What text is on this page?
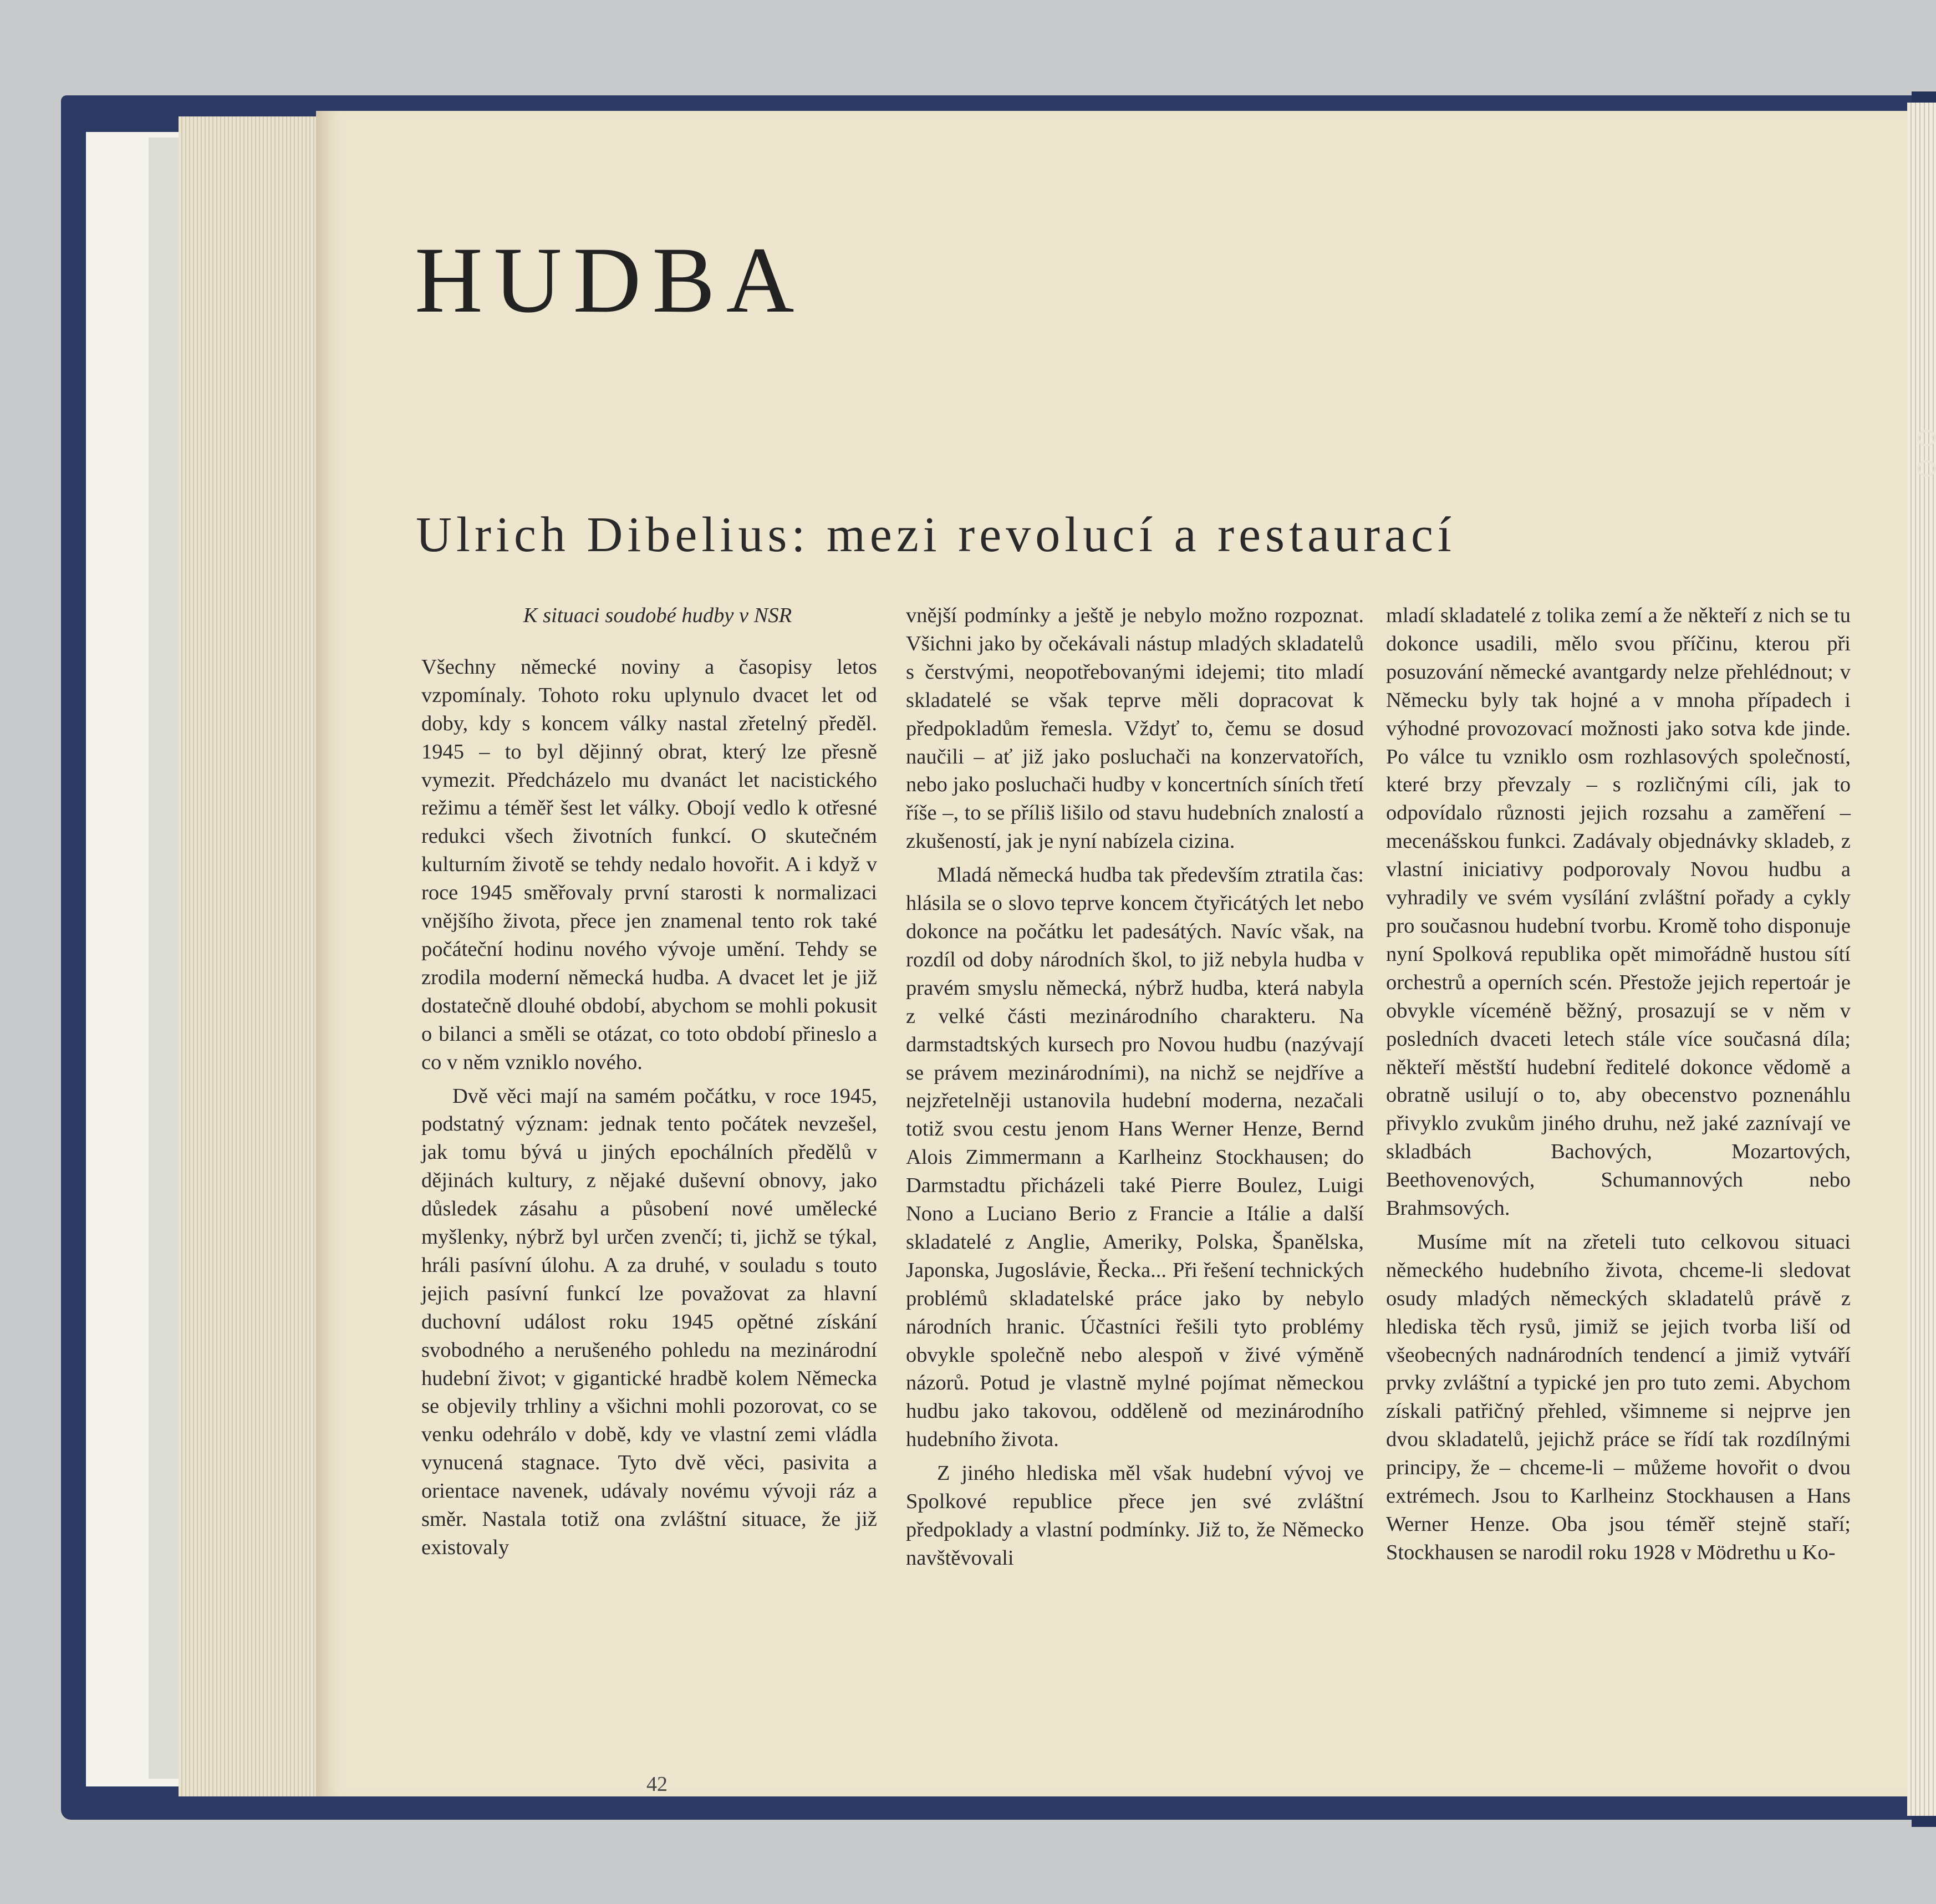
HUDBA
Ulrich Dibelius: mezi revolucí a restaurací

K situaci soudobé hudby v NSR

Všechny německé noviny a časopisy letos vzpomínaly. Tohoto roku uplynulo dvacet let od doby, kdy s koncem války nastal zřetelný předěl. 1945 – to byl dějinný obrat, který lze přesně vymezit. Předcházelo mu dvanáct let nacistického režimu a téměř šest let války. Obojí vedlo k otřesné redukci všech životních funkcí. O skutečném kulturním životě se tehdy nedalo hovořit. A i když v roce 1945 směřovaly první starosti k normalizaci vnějšího života, přece jen znamenal tento rok také počáteční hodinu nového vývoje umění. Tehdy se zrodila moderní německá hudba. A dvacet let je již dostatečně dlouhé období, abychom se mohli pokusit o bilanci a směli se otázat, co toto období přineslo a co v něm vzniklo nového.

Dvě věci mají na samém počátku, v roce 1945, podstatný význam: jednak tento počátek nevzešel, jak tomu bývá u jiných epochálních předělů v dějinách kultury, z nějaké duševní obnovy, jako důsledek zásahu a působení nové umělecké myšlenky, nýbrž byl určen zvenčí; ti, jichž se týkal, hráli pasívní úlohu. A za druhé, v souladu s touto jejich pasívní funkcí lze považovat za hlavní duchovní událost roku 1945 opětné získání svobodného a nerušeného pohledu na mezinárodní hudební život; v gigantické hradbě kolem Německa se objevily trhliny a všichni mohli pozorovat, co se venku odehrálo v době, kdy ve vlastní zemi vládla vynucená stagnace. Tyto dvě věci, pasivita a orientace navenek, udávaly novému vývoji ráz a směr. Nastala totiž ona zvláštní situace, že již existovaly

vnější podmínky a ještě je nebylo možno rozpoznat. Všichni jako by očekávali nástup mladých skladatelů s čerstvými, neopotřebovanými idejemi; tito mladí skladatelé se však teprve měli dopracovat k předpokladům řemesla. Vždyť to, čemu se dosud naučili – ať již jako posluchači na konzervatořích, nebo jako posluchači hudby v koncertních síních třetí říše –, to se příliš lišilo od stavu hudebních znalostí a zkušeností, jak je nyní nabízela cizina.

Mladá německá hudba tak především ztratila čas: hlásila se o slovo teprve koncem čtyřicátých let nebo dokonce na počátku let padesátých. Navíc však, na rozdíl od doby národních škol, to již nebyla hudba v pravém smyslu německá, nýbrž hudba, která nabyla z velké části mezinárodního charakteru. Na darmstadtských kursech pro Novou hudbu (nazývají se právem mezinárodními), na nichž se nejdříve a nejzřetelněji ustanovila hudební moderna, nezačali totiž svou cestu jenom Hans Werner Henze, Bernd Alois Zimmermann a Karlheinz Stockhausen; do Darmstadtu přicházeli také Pierre Boulez, Luigi Nono a Luciano Berio z Francie a Itálie a další skladatelé z Anglie, Ameriky, Polska, Španělska, Japonska, Jugoslávie, Řecka... Při řešení technických problémů skladatelské práce jako by nebylo národních hranic. Účastníci řešili tyto problémy obvykle společně nebo alespoň v živé výměně názorů. Potud je vlastně mylné pojímat německou hudbu jako takovou, odděleně od mezinárodního hudebního života.

Z jiného hlediska měl však hudební vývoj ve Spolkové republice přece jen své zvláštní předpoklady a vlastní podmínky. Již to, že Německo navštěvovali

mladí skladatelé z tolika zemí a že někteří z nich se tu dokonce usadili, mělo svou příčinu, kterou při posuzování německé avantgardy nelze přehlédnout; v Německu byly tak hojné a v mnoha případech i výhodné provozovací možnosti jako sotva kde jinde. Po válce tu vzniklo osm rozhlasových společností, které brzy převzaly – s rozličnými cíli, jak to odpovídalo různosti jejich rozsahu a zaměření – mecenášskou funkci. Zadávaly objednávky skladeb, z vlastní iniciativy podporovaly Novou hudbu a vyhradily ve svém vysílání zvláštní pořady a cykly pro současnou hudební tvorbu. Kromě toho disponuje nyní Spolková republika opět mimořádně hustou sítí orchestrů a operních scén. Přestože jejich repertoár je obvykle víceméně běžný, prosazují se v něm v posledních dvaceti letech stále více současná díla; někteří městští hudební ředitelé dokonce vědomě a obratně usilují o to, aby obecenstvo poznenáhlu přivyklo zvukům jiného druhu, než jaké zaznívají ve skladbách Bachových, Mozartových, Beethovenových, Schumannových nebo Brahmsových.

Musíme mít na zřeteli tuto celkovou situaci německého hudebního života, chceme-li sledovat osudy mladých německých skladatelů právě z hlediska těch rysů, jimiž se jejich tvorba liší od všeobecných nadnárodních tendencí a jimiž vytváří prvky zvláštní a typické jen pro tuto zemi. Abychom získali patřičný přehled, všimneme si nejprve jen dvou skladatelů, jejichž práce se řídí tak rozdílnými principy, že – chceme-li – můžeme hovořit o dvou extrémech. Jsou to Karlheinz Stockhausen a Hans Werner Henze. Oba jsou téměř stejně staří; Stockhausen se narodil roku 1928 v Mödrethu u Ko-

42
